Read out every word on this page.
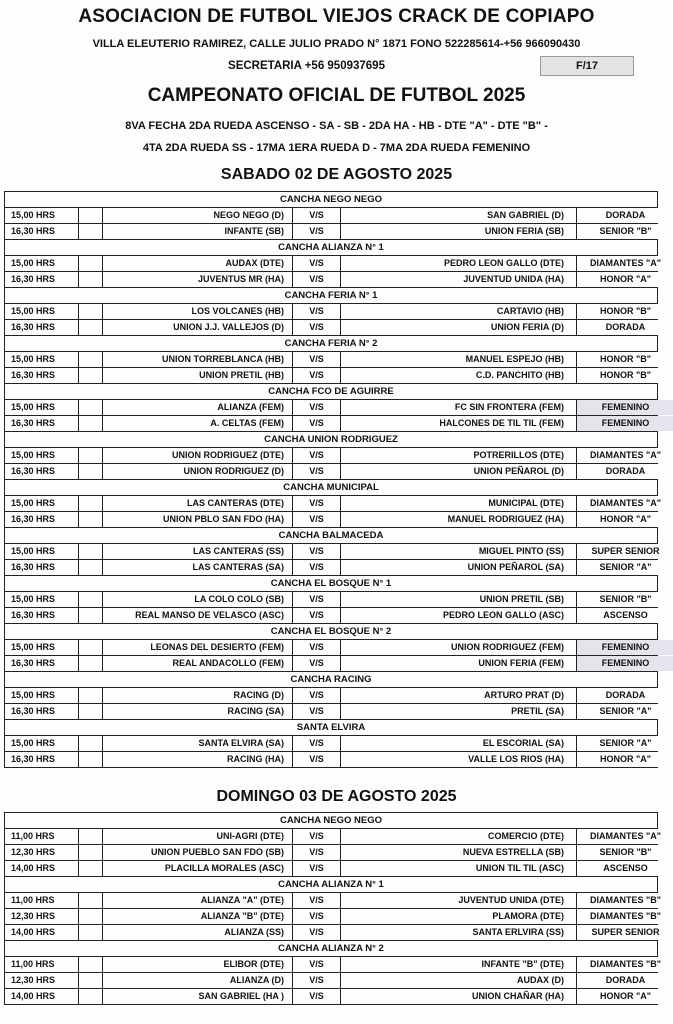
ASOCIACION DE FUTBOL VIEJOS CRACK DE COPIAPO
VILLA ELEUTERIO RAMIREZ, CALLE JULIO PRADO N° 1871 FONO 522285614-+56 966090430
SECRETARIA +56 950937695	F/17
CAMPEONATO OFICIAL DE FUTBOL 2025
8VA FECHA 2DA RUEDA ASCENSO - SA - SB - 2DA HA - HB - DTE "A" - DTE "B" -
4TA 2DA RUEDA SS - 17MA 1ERA RUEDA D - 7MA 2DA RUEDA FEMENINO
SABADO 02 DE AGOSTO 2025
CANCHA NEGO NEGO
15,00 HRS	NEGO NEGO (D)	V/S	SAN GABRIEL (D)	DORADA
16,30 HRS	INFANTE (SB)	V/S	UNION FERIA (SB)	SENIOR "B"
CANCHA ALIANZA N° 1
15,00 HRS	AUDAX (DTE)	V/S	PEDRO LEON GALLO (DTE)	DIAMANTES "A"
16,30 HRS	JUVENTUS MR (HA)	V/S	JUVENTUD UNIDA (HA)	HONOR "A"
CANCHA FERIA N° 1
15,00 HRS	LOS VOLCANES (HB)	V/S	CARTAVIO (HB)	HONOR "B"
16,30 HRS	UNION J.J. VALLEJOS (D)	V/S	UNION FERIA (D)	DORADA
CANCHA FERIA N° 2
15,00 HRS	UNION TORREBLANCA (HB)	V/S	MANUEL ESPEJO (HB)	HONOR "B"
16,30 HRS	UNION PRETIL (HB)	V/S	C.D. PANCHITO (HB)	HONOR "B"
CANCHA FCO DE AGUIRRE
15,00 HRS	ALIANZA (FEM)	V/S	FC SIN FRONTERA (FEM)	FEMENINO
16,30 HRS	A. CELTAS (FEM)	V/S	HALCONES DE TIL TIL (FEM)	FEMENINO
CANCHA UNION RODRIGUEZ
15,00 HRS	UNION RODRIGUEZ (DTE)	V/S	POTRERILLOS (DTE)	DIAMANTES "A"
16,30 HRS	UNION RODRIGUEZ (D)	V/S	UNION PEÑAROL (D)	DORADA
CANCHA MUNICIPAL
15,00 HRS	LAS CANTERAS (DTE)	V/S	MUNICIPAL (DTE)	DIAMANTES "A"
16,30 HRS	UNION PBLO SAN FDO (HA)	V/S	MANUEL RODRIGUEZ (HA)	HONOR "A"
CANCHA BALMACEDA
15,00 HRS	LAS CANTERAS (SS)	V/S	MIGUEL PINTO (SS)	SUPER SENIOR
16,30 HRS	LAS CANTERAS (SA)	V/S	UNION PEÑAROL (SA)	SENIOR "A"
CANCHA EL BOSQUE N° 1
15,00 HRS	LA COLO COLO (SB)	V/S	UNION PRETIL (SB)	SENIOR "B"
16,30 HRS	REAL MANSO DE VELASCO (ASC)	V/S	PEDRO LEON GALLO (ASC)	ASCENSO
CANCHA EL BOSQUE N° 2
15,00 HRS	LEONAS DEL DESIERTO (FEM)	V/S	UNION RODRIGUEZ (FEM)	FEMENINO
16,30 HRS	REAL ANDACOLLO (FEM)	V/S	UNION FERIA (FEM)	FEMENINO
CANCHA RACING
15,00 HRS	RACING (D)	V/S	ARTURO PRAT (D)	DORADA
16,30 HRS	RACING (SA)	V/S	PRETIL (SA)	SENIOR "A"
SANTA ELVIRA
15,00 HRS	SANTA ELVIRA (SA)	V/S	EL ESCORIAL (SA)	SENIOR "A"
16,30 HRS	RACING (HA)	V/S	VALLE LOS RIOS (HA)	HONOR "A"
DOMINGO 03 DE AGOSTO 2025
CANCHA NEGO NEGO
11,00 HRS	UNI-AGRI (DTE)	V/S	COMERCIO (DTE)	DIAMANTES "A"
12,30 HRS	UNION PUEBLO SAN FDO (SB)	V/S	NUEVA ESTRELLA (SB)	SENIOR "B"
14,00 HRS	PLACILLA MORALES (ASC)	V/S	UNION TIL TIL (ASC)	ASCENSO
CANCHA ALIANZA N° 1
11,00 HRS	ALIANZA "A" (DTE)	V/S	JUVENTUD UNIDA (DTE)	DIAMANTES "B"
12,30 HRS	ALIANZA "B" (DTE)	V/S	PLAMORA (DTE)	DIAMANTES "B"
14,00 HRS	ALIANZA (SS)	V/S	SANTA ERLVIRA (SS)	SUPER SENIOR
CANCHA ALIANZA N° 2
11,00 HRS	ELIBOR (DTE)	V/S	INFANTE "B" (DTE)	DIAMANTES "B"
12,30 HRS	ALIANZA (D)	V/S	AUDAX (D)	DORADA
14,00 HRS	SAN GABRIEL (HA )	V/S	UNION CHAÑAR (HA)	HONOR "A"
